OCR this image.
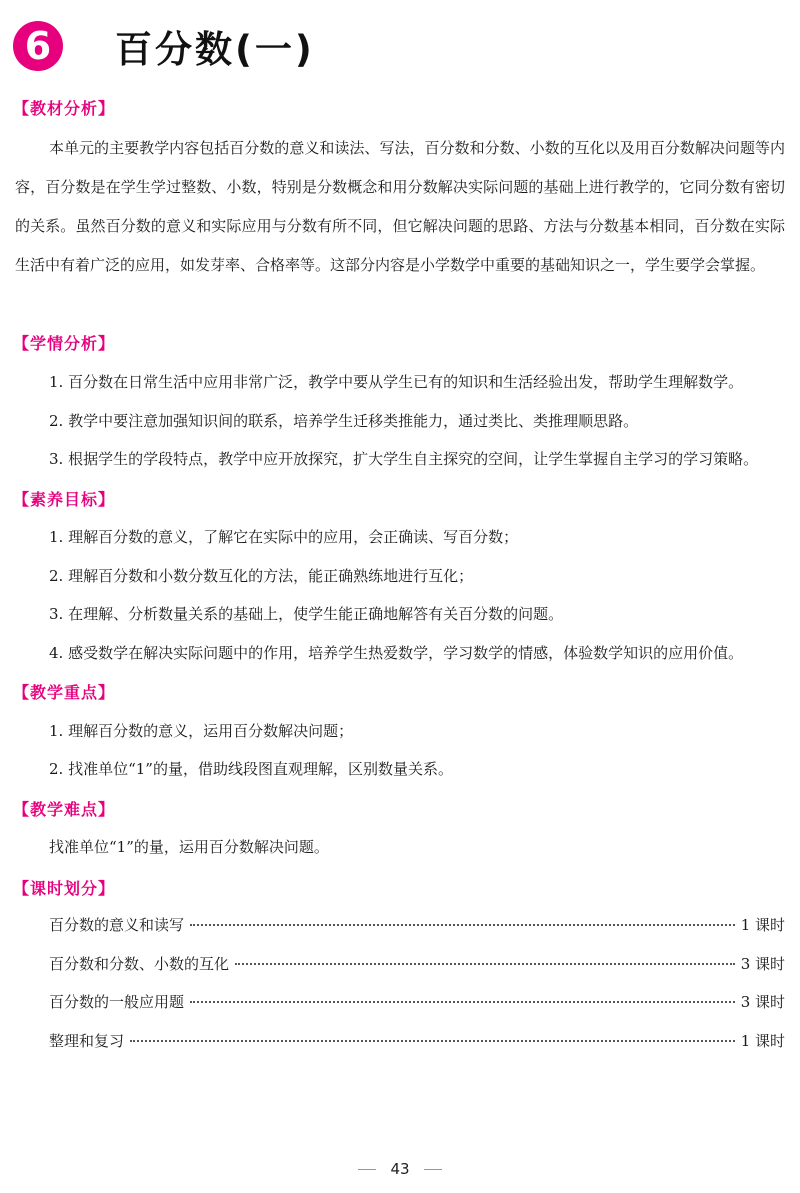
6	百分数(一)
【教材分析】

本单元的主要教学内容包括百分数的意义和读法、写法，百分数和分数、小数的互化以及用百分数解决问题等内容，百分数是在学生学过整数、小数，特别是分数概念和用分数解决实际问题的基础上进行教学的，它同分数有密切的关系。虽然百分数的意义和实际应用与分数有所不同，但它解决问题的思路、方法与分数基本相同，百分数在实际生活中有着广泛的应用，如发芽率、合格率等。这部分内容是小学数学中重要的基础知识之一，学生要学会掌握。

【学情分析】
1. 百分数在日常生活中应用非常广泛，教学中要从学生已有的知识和生活经验出发，帮助学生理解数学。
2. 教学中要注意加强知识间的联系，培养学生迁移类推能力，通过类比、类推理顺思路。
3. 根据学生的学段特点，教学中应开放探究，扩大学生自主探究的空间，让学生掌握自主学习的学习策略。
【素养目标】
1. 理解百分数的意义，了解它在实际中的应用，会正确读、写百分数；
2. 理解百分数和小数分数互化的方法，能正确熟练地进行互化；
3. 在理解、分析数量关系的基础上，使学生能正确地解答有关百分数的问题。
4. 感受数学在解决实际问题中的作用，培养学生热爱数学，学习数学的情感，体验数学知识的应用价值。
【教学重点】
1. 理解百分数的意义，运用百分数解决问题；
2. 找准单位“1”的量，借助线段图直观理解，区别数量关系。
【教学难点】
找准单位“1”的量，运用百分数解决问题。
【课时划分】
百分数的意义和读写	1 课时
百分数和分数、小数的互化	3 课时
百分数的一般应用题	3 课时
整理和复习	1 课时
43
